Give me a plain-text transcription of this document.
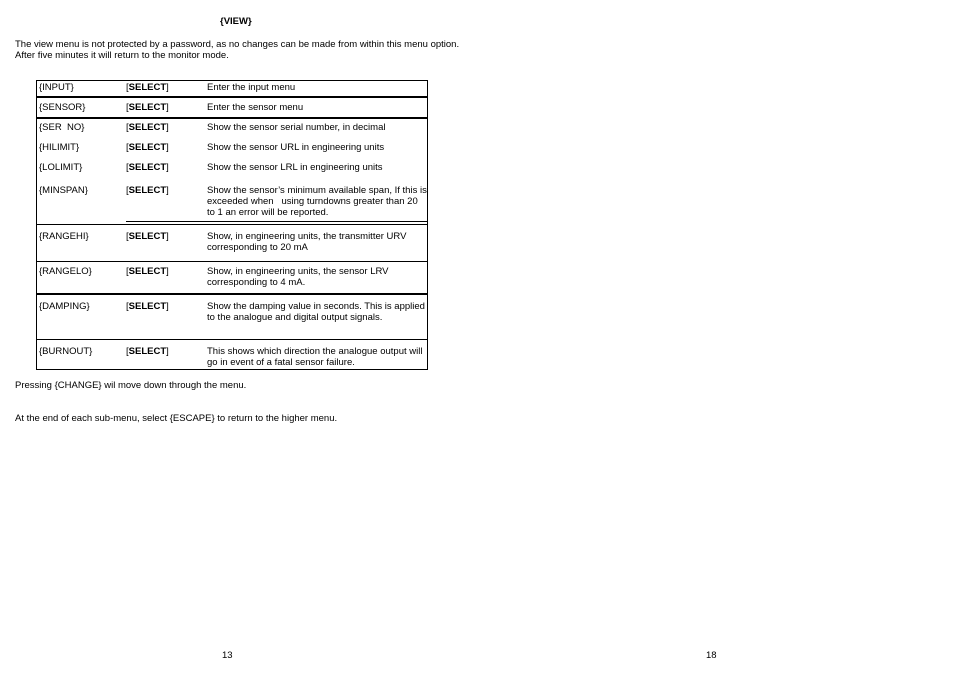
{VIEW}
The view menu is not protected by a password, as no changes can be made from within this menu option. After five minutes it will return to the monitor mode.
{INPUT}	[SELECT]	Enter the input menu
{SENSOR}	[SELECT]	Enter the sensor menu
{SER  NO}	[SELECT]	Show the sensor serial number, in decimal
{HILIMIT}	[SELECT]	Show the sensor URL in engineering units
{LOLIMIT}	[SELECT]	Show the sensor LRL in engineering units
{MINSPAN}	[SELECT]	Show the sensor’s minimum available span, If this is exceeded when   using turndowns greater than 20 to 1 an error will be reported.
{RANGEHI}	[SELECT]	Show, in engineering units, the transmitter URV corresponding to 20 mA
{RANGELO}	[SELECT]	Show, in engineering units, the sensor LRV corresponding to 4 mA.
{DAMPING}	[SELECT]	Show the damping value in seconds. This is applied to the analogue and digital output signals.
{BURNOUT}	[SELECT]	This shows which direction the analogue output will go in event of a fatal sensor failure.
Pressing {CHANGE} wil move down through the menu.
At the end of each sub-menu, select {ESCAPE} to return to the higher menu.
13	18
